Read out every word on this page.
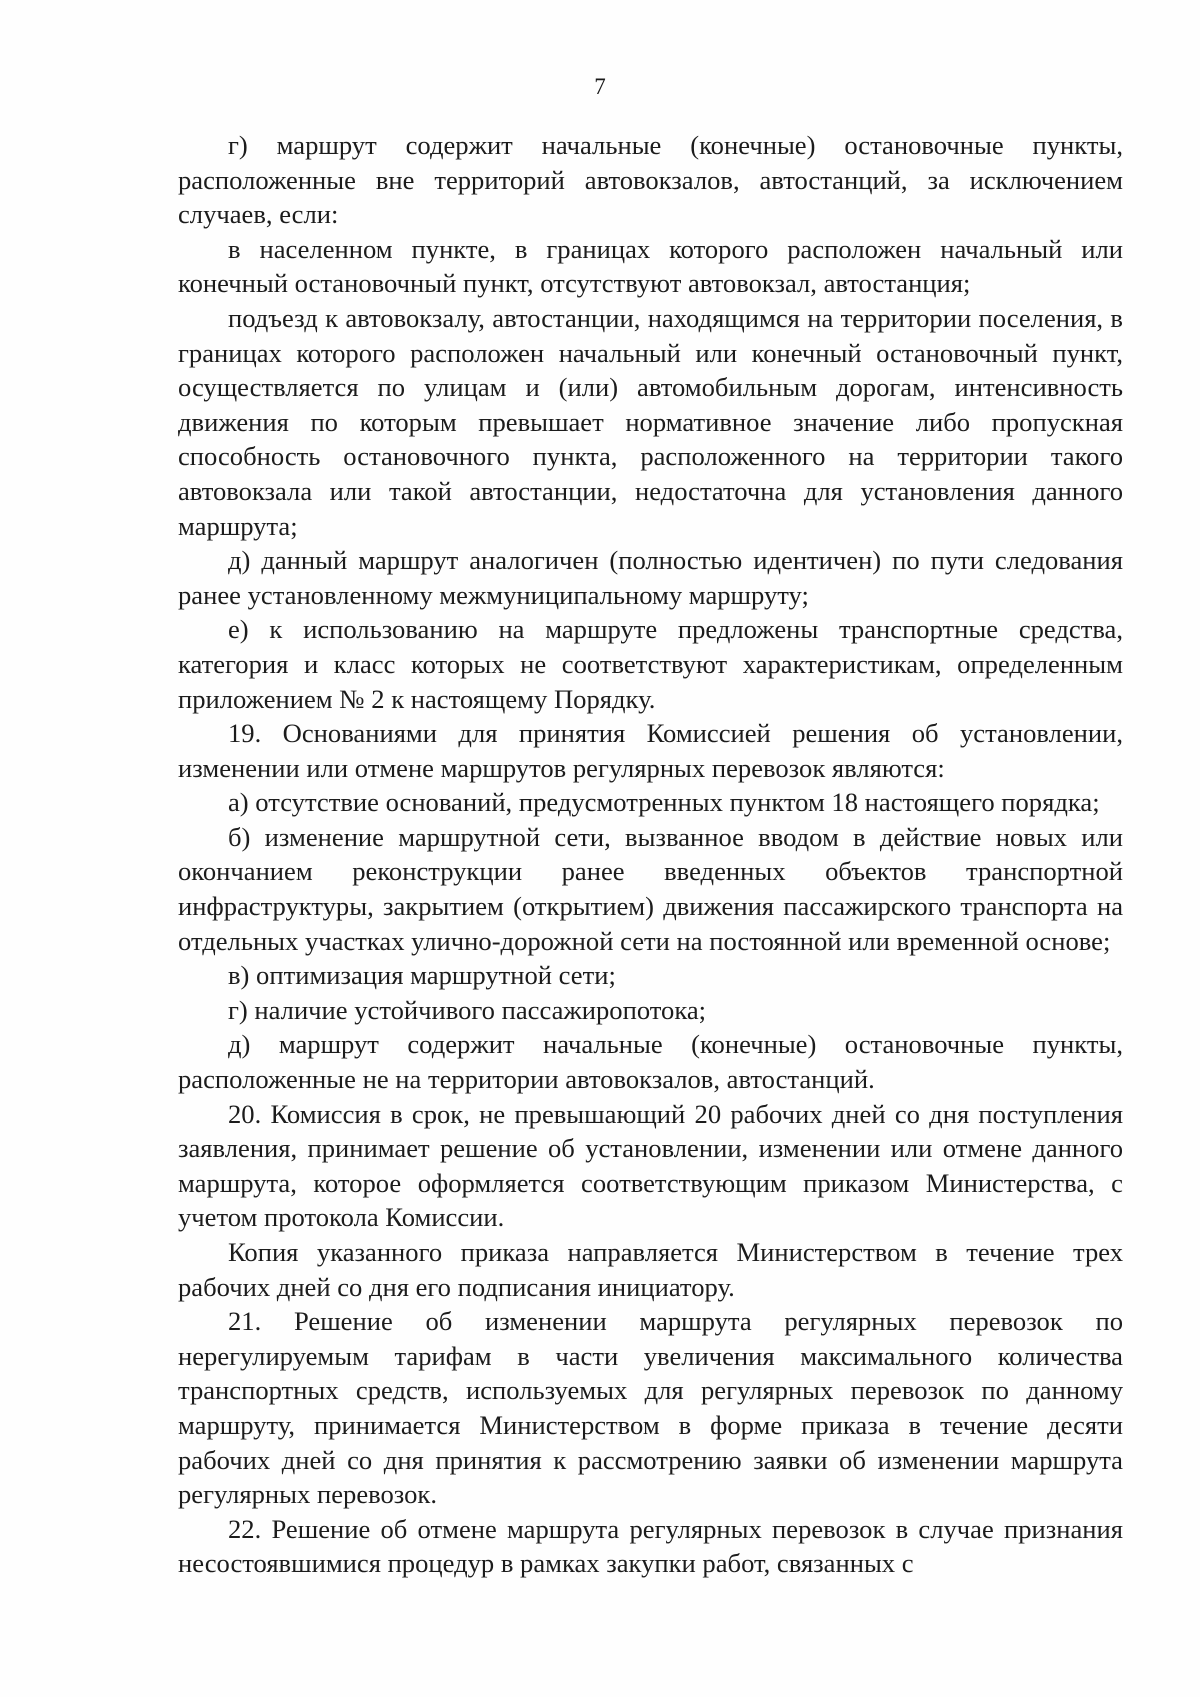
7

г) маршрут содержит начальные (конечные) остановочные пункты, расположенные вне территорий автовокзалов, автостанций, за исключением случаев, если:

в населенном пункте, в границах которого расположен начальный или конечный остановочный пункт, отсутствуют автовокзал, автостанция;

подъезд к автовокзалу, автостанции, находящимся на территории поселения, в границах которого расположен начальный или конечный остановочный пункт, осуществляется по улицам и (или) автомобильным дорогам, интенсивность движения по которым превышает нормативное значение либо пропускная способность остановочного пункта, расположенного на территории такого автовокзала или такой автостанции, недостаточна для установления данного маршрута;

д) данный маршрут аналогичен (полностью идентичен) по пути следования ранее установленному межмуниципальному маршруту;

е) к использованию на маршруте предложены транспортные средства, категория и класс которых не соответствуют характеристикам, определенным приложением № 2 к настоящему Порядку.

19. Основаниями для принятия Комиссией решения об установлении, изменении или отмене маршрутов регулярных перевозок являются:

а) отсутствие оснований, предусмотренных пунктом 18 настоящего порядка;

б) изменение маршрутной сети, вызванное вводом в действие новых или окончанием реконструкции ранее введенных объектов транспортной инфраструктуры, закрытием (открытием) движения пассажирского транспорта на отдельных участках улично-дорожной сети на постоянной или временной основе;

в) оптимизация маршрутной сети;

г) наличие устойчивого пассажиропотока;

д) маршрут содержит начальные (конечные) остановочные пункты, расположенные не на территории автовокзалов, автостанций.

20. Комиссия в срок, не превышающий 20 рабочих дней со дня поступления заявления, принимает решение об установлении, изменении или отмене данного маршрута, которое оформляется соответствующим приказом Министерства, с учетом протокола Комиссии.

Копия указанного приказа направляется Министерством в течение трех рабочих дней со дня его подписания инициатору.

21. Решение об изменении маршрута регулярных перевозок по нерегулируемым тарифам в части увеличения максимального количества транспортных средств, используемых для регулярных перевозок по данному маршруту, принимается Министерством в форме приказа в течение десяти рабочих дней со дня принятия к рассмотрению заявки об изменении маршрута регулярных перевозок.

22. Решение об отмене маршрута регулярных перевозок в случае признания несостоявшимися процедур в рамках закупки работ, связанных с
